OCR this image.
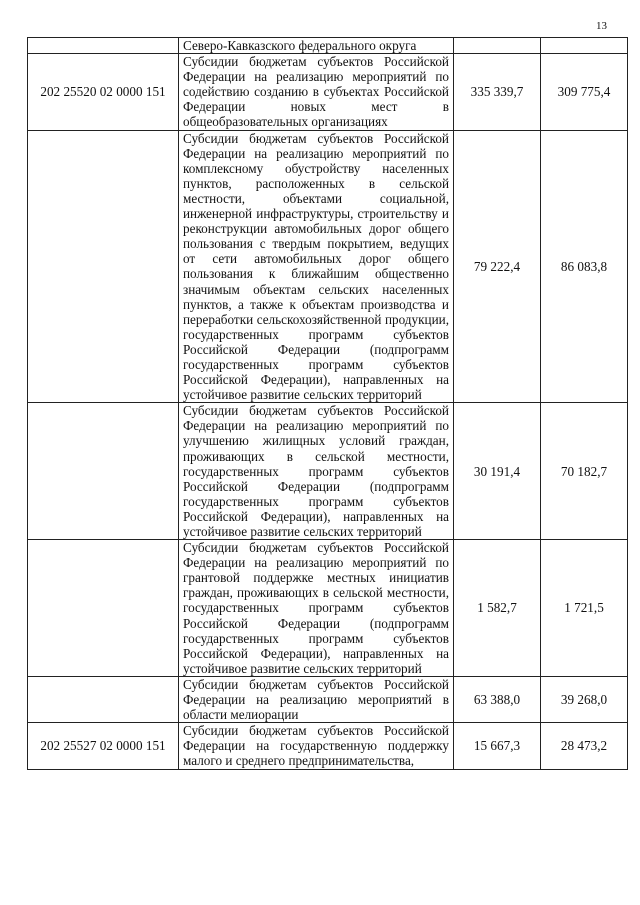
13
	Северо-Кавказского федерального округа		
202 25520 02 0000 151	Субсидии бюджетам субъектов Российской Федерации на реализацию мероприятий по содействию созданию в субъектах Российской Федерации новых мест в общеобразовательных организациях	335 339,7	309 775,4
	Субсидии бюджетам субъектов Российской Федерации на реализацию мероприятий по комплексному обустройству населенных пунктов, расположенных в сельской местности, объектами социальной, инженерной инфраструктуры, строительству и реконструкции автомобильных дорог общего пользования с твердым покрытием, ведущих от сети автомобильных дорог общего пользования к ближайшим общественно значимым объектам сельских населенных пунктов, а также к объектам производства и переработки сельскохозяйственной продукции, государственных программ субъектов Российской Федерации (подпрограмм государственных программ субъектов Российской Федерации), направленных на устойчивое развитие сельских территорий	79 222,4	86 083,8
	Субсидии бюджетам субъектов Российской Федерации на реализацию мероприятий по улучшению жилищных условий граждан, проживающих в сельской местности, государственных программ субъектов Российской Федерации (подпрограмм государственных программ субъектов Российской Федерации), направленных на устойчивое развитие сельских территорий	30 191,4	70 182,7
	Субсидии бюджетам субъектов Российской Федерации на реализацию мероприятий по грантовой поддержке местных инициатив граждан, проживающих в сельской местности, государственных программ субъектов Российской Федерации (подпрограмм государственных программ субъектов Российской Федерации), направленных на устойчивое развитие сельских территорий	1 582,7	1 721,5
	Субсидии бюджетам субъектов Российской Федерации на реализацию мероприятий в области мелиорации	63 388,0	39 268,0
202 25527 02 0000 151	Субсидии бюджетам субъектов Российской Федерации на государственную поддержку малого и среднего предпринимательства,	15 667,3	28 473,2
